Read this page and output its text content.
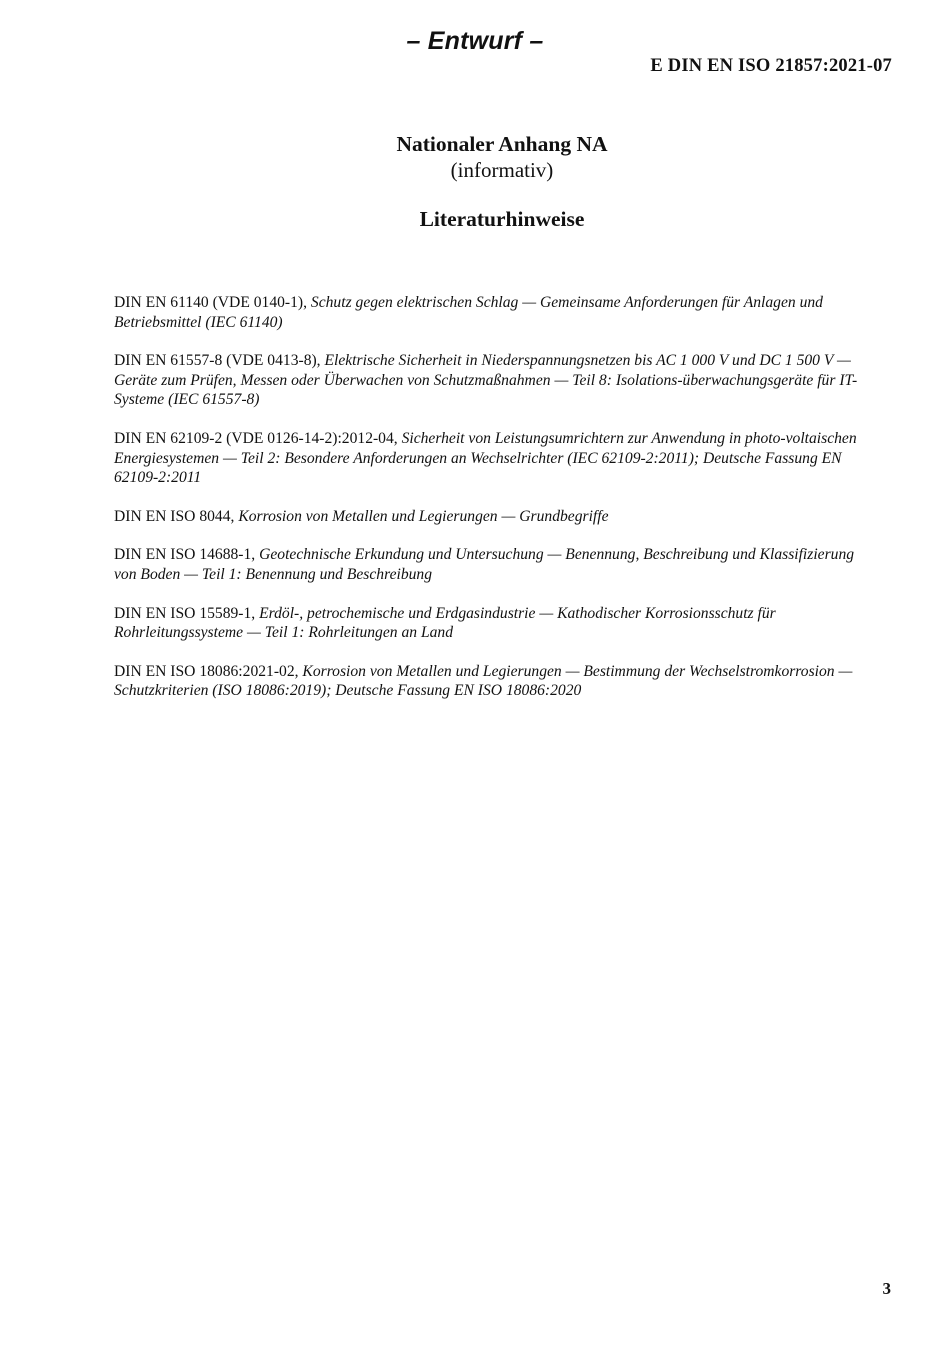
– Entwurf –
E DIN EN ISO 21857:2021-07
Nationaler Anhang NA
(informativ)
Literaturhinweise
DIN EN 61140 (VDE 0140-1), Schutz gegen elektrischen Schlag — Gemeinsame Anforderungen für Anlagen und Betriebsmittel (IEC 61140)
DIN EN 61557-8 (VDE 0413-8), Elektrische Sicherheit in Niederspannungsnetzen bis AC 1 000 V und DC 1 500 V — Geräte zum Prüfen, Messen oder Überwachen von Schutzmaßnahmen — Teil 8: Isolations-überwachungsgeräte für IT-Systeme (IEC 61557-8)
DIN EN 62109-2 (VDE 0126-14-2):2012-04, Sicherheit von Leistungsumrichtern zur Anwendung in photo-voltaischen Energiesystemen — Teil 2: Besondere Anforderungen an Wechselrichter (IEC 62109-2:2011); Deutsche Fassung EN 62109-2:2011
DIN EN ISO 8044, Korrosion von Metallen und Legierungen — Grundbegriffe
DIN EN ISO 14688-1, Geotechnische Erkundung und Untersuchung — Benennung, Beschreibung und Klassifizierung von Boden — Teil 1: Benennung und Beschreibung
DIN EN ISO 15589-1, Erdöl-, petrochemische und Erdgasindustrie — Kathodischer Korrosionsschutz für Rohrleitungssysteme — Teil 1: Rohrleitungen an Land
DIN EN ISO 18086:2021-02, Korrosion von Metallen und Legierungen — Bestimmung der Wechselstromkorrosion — Schutzkriterien (ISO 18086:2019); Deutsche Fassung EN ISO 18086:2020
3
